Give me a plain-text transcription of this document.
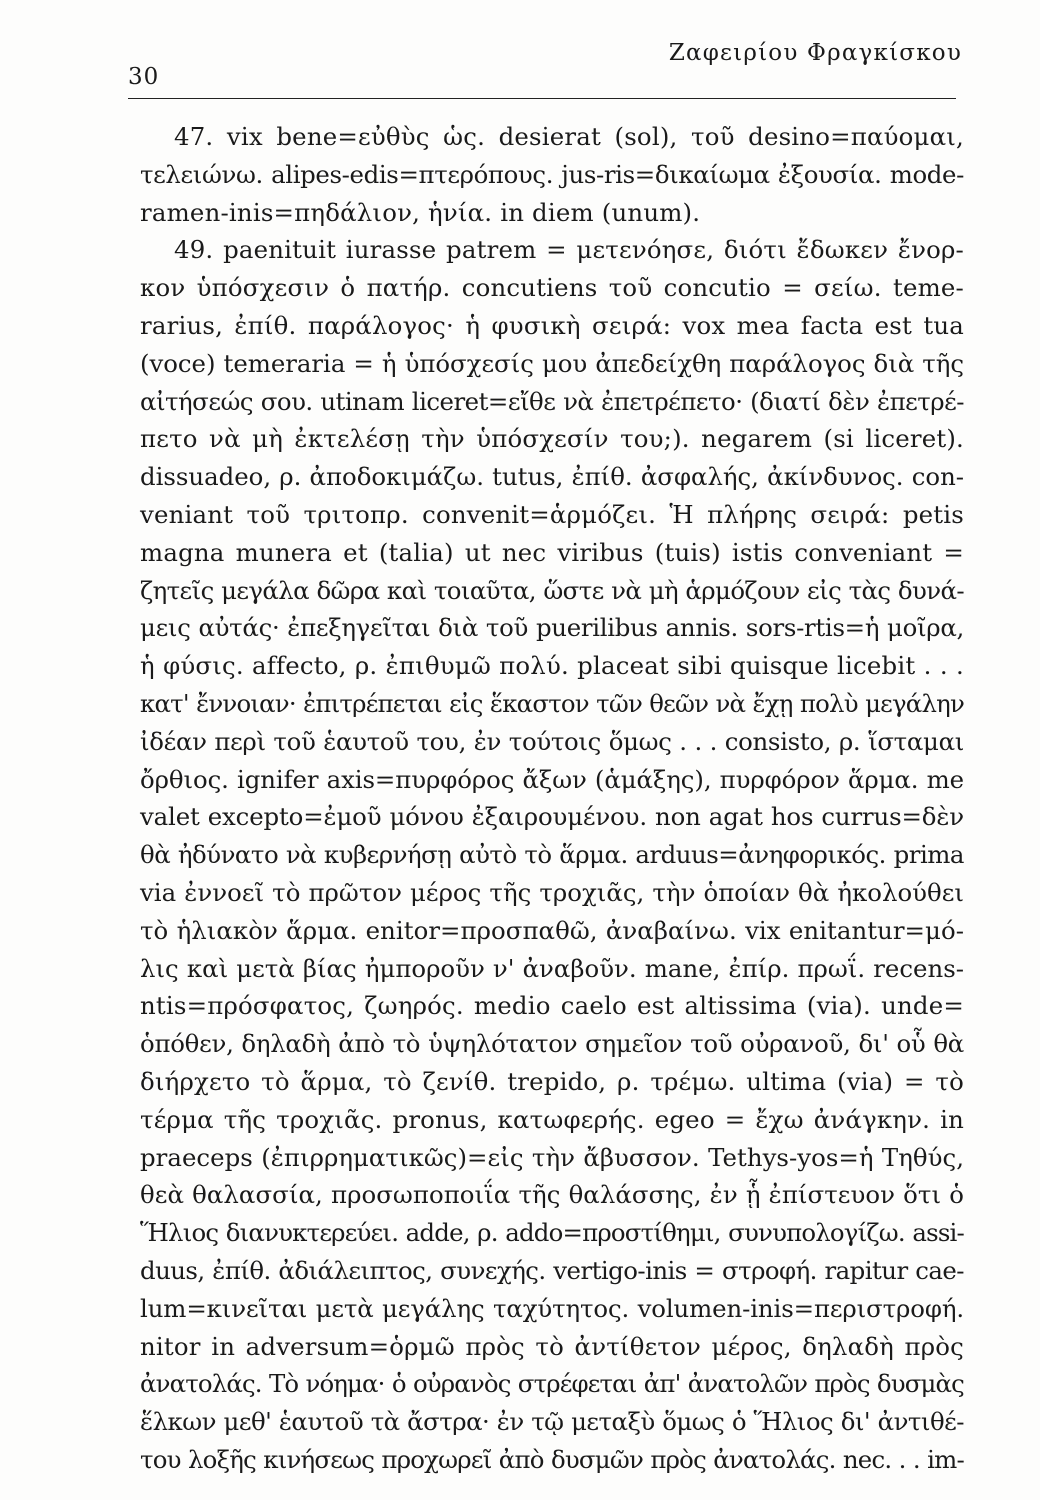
30
Ζαφειρίου Φραγκίσκου
47. vix bene=εὐθὺς ὡς. desierat (sol), τοῦ desino=παύομαι,
τελειώνω. alipes-edis=πτερόπους. jus-ris=δικαίωμα ἐξουσία. mode-
ramen-inis=πηδάλιον, ἡνία. in diem (unum).
49. paenituit iurasse patrem = μετενόησε, διότι ἔδωκεν ἔνορ-
κον ὑπόσχεσιν ὁ πατήρ. concutiens τοῦ concutio = σείω. teme-
rarius, ἐπίθ. παράλογος· ἡ φυσικὴ σειρά: vox mea facta est tua
(voce) temeraria = ἡ ὑπόσχεσίς μου ἀπεδείχθη παράλογος διὰ τῆς
αἰτήσεώς σου. utinam liceret=εἴθε νὰ ἐπετρέπετο· (διατί δὲν ἐπετρέ-
πετο νὰ μὴ ἐκτελέσῃ τὴν ὑπόσχεσίν του;). negarem (si liceret).
dissuadeo, ρ. ἀποδοκιμάζω. tutus, ἐπίθ. ἀσφαλής, ἀκίνδυνος. con-
veniant τοῦ τριτοπρ. convenit=ἁρμόζει. Ἡ πλήρης σειρά: petis
magna munera et (talia) ut nec viribus (tuis) istis conveniant =
ζητεῖς μεγάλα δῶρα καὶ τοιαῦτα, ὥστε νὰ μὴ ἁρμόζουν εἰς τὰς δυνά-
μεις αὐτάς· ἐπεξηγεῖται διὰ τοῦ puerilibus annis. sors-rtis=ἡ μοῖρα,
ἡ φύσις. affecto, ρ. ἐπιθυμῶ πολύ. placeat sibi quisque licebit . . .
κατ' ἔννοιαν· ἐπιτρέπεται εἰς ἕκαστον τῶν θεῶν νὰ ἔχῃ πολὺ μεγάλην
ἰδέαν περὶ τοῦ ἑαυτοῦ του, ἐν τούτοις ὅμως . . . consisto, ρ. ἵσταμαι
ὄρθιος. ignifer axis=πυρφόρος ἄξων (ἁμάξης), πυρφόρον ἅρμα. me
valet excepto=ἐμοῦ μόνου ἐξαιρουμένου. non agat hos currus=δὲν
θὰ ἠδύνατο νὰ κυβερνήσῃ αὐτὸ τὸ ἅρμα. arduus=ἀνηφορικός. prima
via ἐννοεῖ τὸ πρῶτον μέρος τῆς τροχιᾶς, τὴν ὁποίαν θὰ ἠκολούθει
τὸ ἡλιακὸν ἅρμα. enitor=προσπαθῶ, ἀναβαίνω. vix enitantur=μό-
λις καὶ μετὰ βίας ἠμποροῦν ν' ἀναβοῦν. mane, ἐπίρ. πρωΐ. recens-
ntis=πρόσφατος, ζωηρός. medio caelo est altissima (via). unde=
ὁπόθεν, δηλαδὴ ἀπὸ τὸ ὑψηλότατον σημεῖον τοῦ οὐρανοῦ, δι' οὗ θὰ
διήρχετο τὸ ἅρμα, τὸ ζενίθ. trepido, ρ. τρέμω. ultima (via) = τὸ
τέρμα τῆς τροχιᾶς. pronus, κατωφερής. egeo = ἔχω ἀνάγκην. in
praeceps (ἐπιρρηματικῶς)=εἰς τὴν ἄβυσσον. Tethys-yos=ἡ Τηθύς,
θεὰ θαλασσία, προσωποποιΐα τῆς θαλάσσης, ἐν ᾗ ἐπίστευον ὅτι ὁ
Ἥλιος διανυκτερεύει. adde, ρ. addo=προστίθημι, συνυπολογίζω. assi-
duus, ἐπίθ. ἀδιάλειπτος, συνεχής. vertigo-inis = στροφή. rapitur cae-
lum=κινεῖται μετὰ μεγάλης ταχύτητος. volumen-inis=περιστροφή.
nitor in adversum=ὁρμῶ πρὸς τὸ ἀντίθετον μέρος, δηλαδὴ πρὸς
ἀνατολάς. Τὸ νόημα· ὁ οὐρανὸς στρέφεται ἀπ' ἀνατολῶν πρὸς δυσμὰς
ἕλκων μεθ' ἑαυτοῦ τὰ ἄστρα· ἐν τῷ μεταξὺ ὅμως ὁ Ἥλιος δι' ἀντιθέ-
του λοξῆς κινήσεως προχωρεῖ ἀπὸ δυσμῶν πρὸς ἀνατολάς. nec. . . im-
